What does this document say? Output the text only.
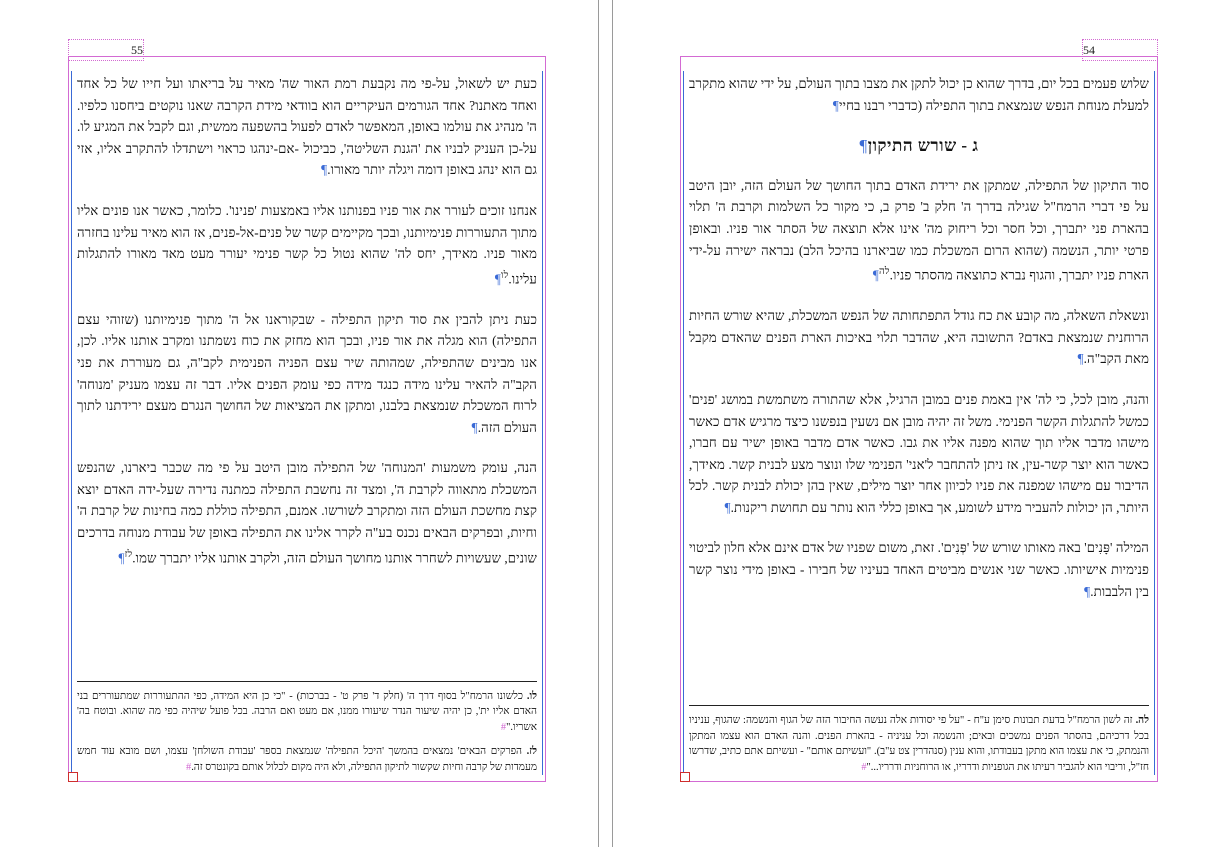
54

שלוש פעמים בכל יום, בדרך שהוא כן יכול לתקן את מצבו בתוך העולם, על ידי שהוא מתקרב למעלת מנוחת הנפש שנמצאת בתוך התפילה (כדברי רבנו בחיי¶

ג - שורש התיקון¶

סוד התיקון של התפילה, שמתקן את ירידת האדם בתוך החושך של העולם הזה, יובן היטב על פי דברי הרמח"ל שגילה בדרך ה' חלק ב' פרק ב, כי מקור כל השלמות וקרבת ה' תלוי בהארת פני יתברך, וכל חסר וכל ריחוק מה' אינו אלא תוצאה של הסתר אור פניו. ובאופן פרטי יותר, הנשמה (שהוא הרום המשכלת כמו שביארנו בהיכל הלב) נבראה ישירה על-ידי הארת פניו יתברך, והגוף נברא כתוצאה מהסתר פניו.$^{לה}$¶

ונשאלת השאלה, מה קובע את כח גודל התפתחותה של הנפש המשכלת, שהיא שורש החיות הרוחנית שנמצאת באדם? התשובה היא, שהדבר תלוי באיכות הארת הפנים שהאדם מקבל מאת הקב"ה.¶

והנה, מובן לכל, כי לה' אין באמת פנים במובן הרגיל, אלא שהתורה משתמשת במושג 'פנים' כמשל להתגלות הקשר הפנימי. משל זה יהיה מובן אם נשעין בנפשנו כיצד מרגיש אדם כאשר מישהו מדבר אליו תוך שהוא מפנה אליו את גבו. כאשר אדם מדבר באופן ישיר עם חברו, כאשר הוא יוצר קשר-עין, אז ניתן להתחבר ל'אני' הפנימי שלו ונוצר מצע לבנית קשר. מאידך, הדיבור עם מישהו שמפנה את פניו לכיוון אחר יוצר מילים, שאין בהן יכולת לבנית קשר. לכל היותר, הן יכולות להעביר מידע לשומע, אך באופן כללי הוא נותר עם תחושת ריקנות.¶

המילה 'פָּנִים' באה מאותו שורש של 'פְּנִים'. זאת, משום שפניו של אדם אינם אלא חלון לביטוי פנימיות אישיותו. כאשר שני אנשים מביטים האחד בעיניו של חבירו - באופן מידי נוצר קשר בין הלבבות.¶

לה. זה לשון הרמח"ל בדעת תבונות סימן ע"ח - "על פי יסודות אלה נעשה החיבור הזה של הגוף והנשמה: שהגוף, עניניו בכל דרכיהם, בהסתר הפנים נמשכים ובאים; והנשמה וכל עניניה - בהארת הפנים. והנה האדם הוא עצמו המתקן והנמתק, כי את עצמו הוא מתקן בעבודתו, והוא ענין (סנהדרין צט ע"ב). "ועשיתם אותם" - ועשיתם אתם כתיב, שדרשו חז"ל, וריבוי הוא להגביר רעיתו את הגופניות ודרריו, או הרוחניות ודרריו..."#

55

כעת יש לשאול, על-פי מה נקבעת רמת האור שה' מאיר על בריאתו ועל חייו של כל אחד ואחד מאתנו? אחד הגורמים העיקריים הוא בוודאי מידת הקרבה שאנו נוקטים ביחסנו כלפיו. ה' מנהיג את עולמו באופן, המאפשר לאדם לפעול בהשפעה ממשית, וגם לקבל את המגיע לו. על-כן העניק לבניו את 'הגנת השליטה', כביכול -אם-ינהגו כראוי וישתדלו להתקרב אליו, אזי גם הוא ינהג באופן דומה ויגלה יותר מאורו.¶

אנחנו זוכים לעורר את אור פניו בפנותנו אליו באמצעות 'פנינו'. כלומר, כאשר אנו פונים אליו מתוך התעוררות פנימיותנו, ובכך מקיימים קשר של פנים-אל-פנים, אז הוא מאיר עלינו בחזרה מאור פניו. מאידך, יחס לה' שהוא נטול כל קשר פנימי יעורר מעט מאד מאורו להתגלות עלינו.$^{לו}$¶

כעת ניתן להבין את סוד תיקון התפילה - שבקוראנו אל ה' מתוך פנימיותנו (שזוהי עצם התפילה) הוא מגלה את אור פניו, ובכך הוא מחזק את כוח נשמתנו ומקרב אותנו אליו. לכן, אנו מבינים שהתפילה, שמהותה שיר עצם הפניה הפנימית לקב"ה, גם מעוררת את פני הקב"ה להאיר עלינו מידה כנגד מידה כפי עומק הפנים אליו. דבר זה עצמו מעניק 'מנוחה' לרוח המשכלת שנמצאת בלבנו, ומתקן את המציאות של החושך הנגרם מעצם ירידתנו לתוך העולם הזה.¶

הנה, עומק משמעות 'המנוחה' של התפילה מובן היטב על פי מה שכבר ביארנו, שהנפש המשכלת מתאווה לקרבת ה', ומצד זה נחשבת התפילה כמתנה נדירה שעל-ידה האדם יוצא קצת מחשכת העולם הזה ומתקרב לשורשו. אמנם, התפילה כוללת כמה בחינות של קרבת ה' וחיות, ובפרקים הבאים נכנס בע"ה לקרר אלינו את התפילה באופן של עבודת מנוחה בדרכים שונים, שעשויות לשחרר אותנו מחושך העולם הזה, ולקרב אותנו אליו יתברך שמו.$^{לז}$¶

לו. כלשונו הרמח"ל בסוף דרך ה' (חלק ד' פרק ט' - בברכות) - "כי כן היא המידה, כפי ההתעוררות שמתעוררים בני האדם אליו ית', כן יהיה שיעור הנדר שיעורו ממנו, אם מעט ואם הרבה. בכל פועל שיהיה כפי מה שהוא. ובוטח בה' אשריו."#

לז. הפרקים הבאים' נמצאים בהמשך 'היכל התפילה' שנמצאת בספר 'עבודת השולחן' עצמו, ושם מובא עוד חמש מעמדות של קרבה וחיות שקשור לתיקון התפילה, ולא היה מקום לכלול אותם בקונטרס זה.#
